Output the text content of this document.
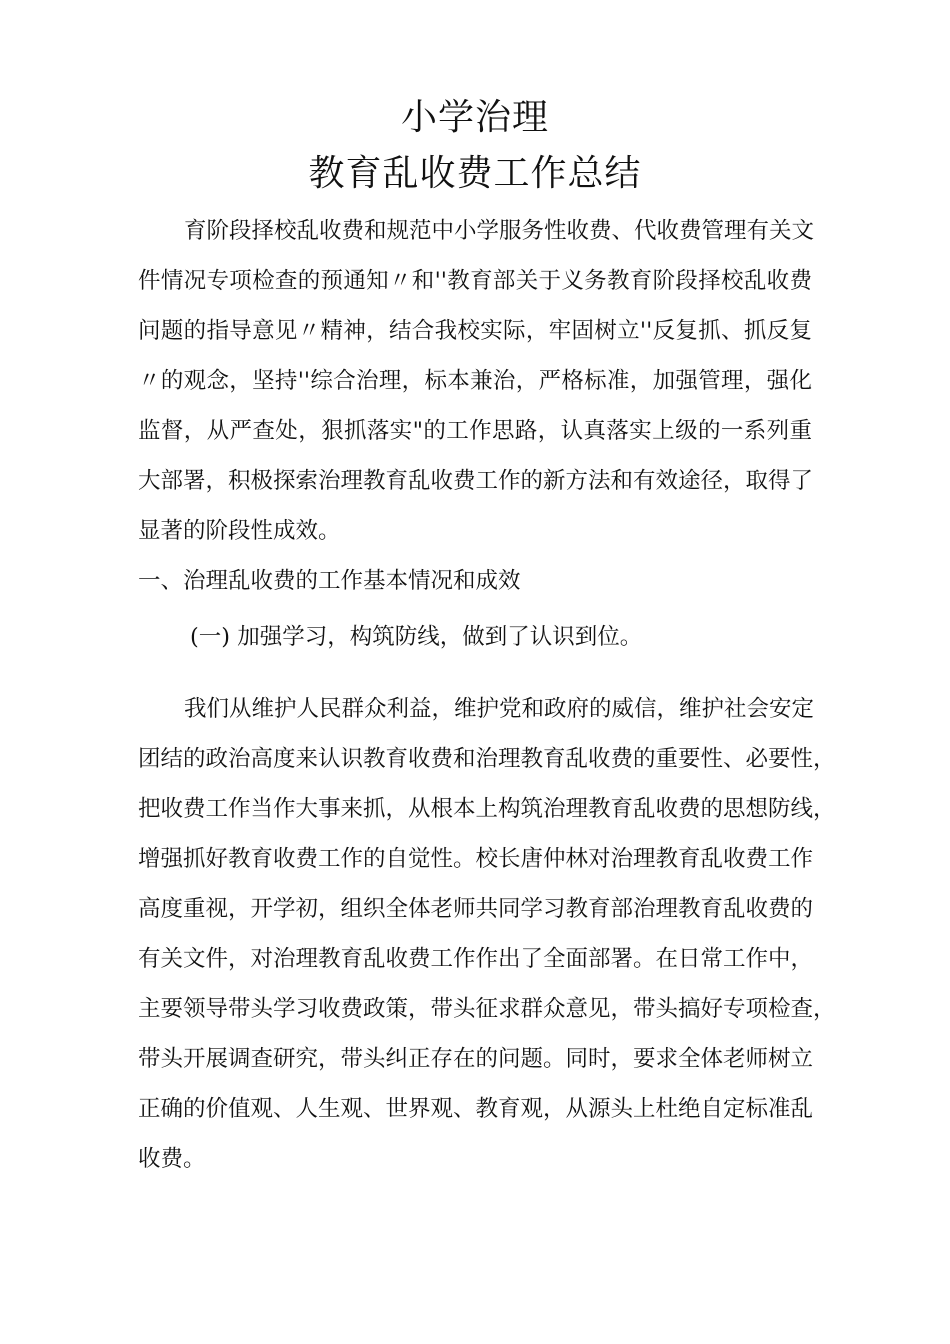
小学治理
教育乱收费工作总结
育阶段择校乱收费和规范中小学服务性收费、代收费管理有关文
件情况专项检查的预通知〃和''教育部关于义务教育阶段择校乱收费
问题的指导意见〃精神，结合我校实际，牢固树立''反复抓、抓反复
〃的观念，坚持''综合治理，标本兼治，严格标准，加强管理，强化
监督，从严查处，狠抓落实"的工作思路，认真落实上级的一系列重
大部署，积极探索治理教育乱收费工作的新方法和有效途径，取得了
显著的阶段性成效。
一、治理乱收费的工作基本情况和成效
(一) 加强学习，构筑防线，做到了认识到位。
我们从维护人民群众利益，维护党和政府的威信，维护社会安定
团结的政治高度来认识教育收费和治理教育乱收费的重要性、必要性，
把收费工作当作大事来抓，从根本上构筑治理教育乱收费的思想防线，
增强抓好教育收费工作的自觉性。校长唐仲林对治理教育乱收费工作
高度重视，开学初，组织全体老师共同学习教育部治理教育乱收费的
有关文件，对治理教育乱收费工作作出了全面部署。在日常工作中，
主要领导带头学习收费政策，带头征求群众意见，带头搞好专项检查，
带头开展调查研究，带头纠正存在的问题。同时，要求全体老师树立
正确的价值观、人生观、世界观、教育观，从源头上杜绝自定标准乱
收费。
